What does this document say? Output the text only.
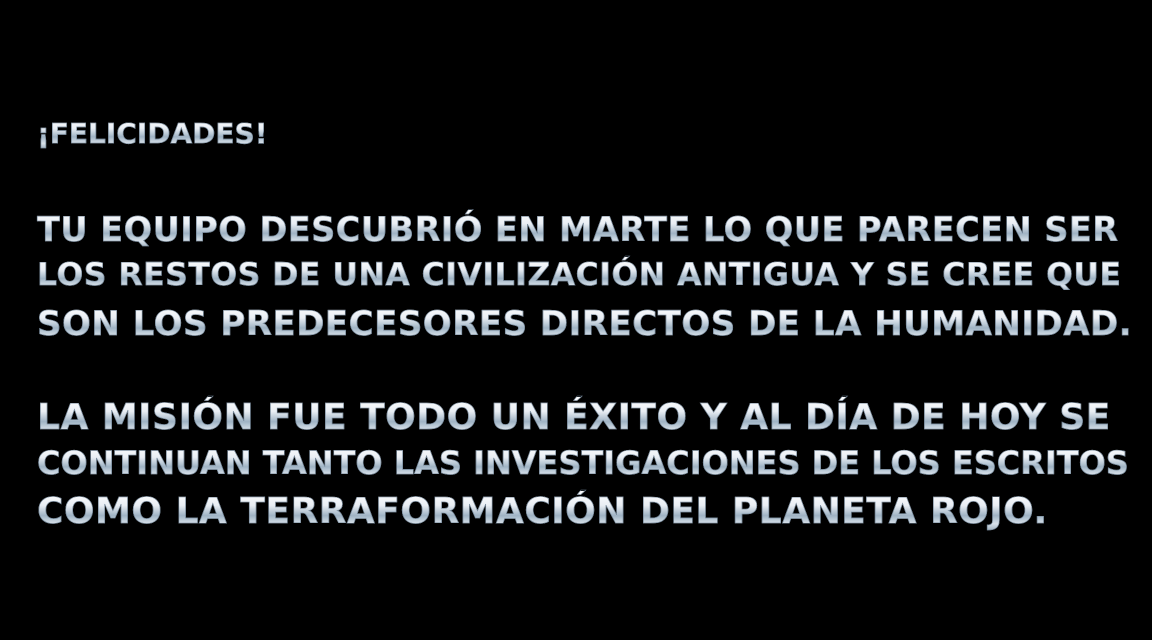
¡FELICIDADES!
TU EQUIPO DESCUBRIÓ EN MARTE LO QUE PARECEN SER
LOS RESTOS DE UNA CIVILIZACIÓN ANTIGUA Y SE CREE QUE
SON LOS PREDECESORES DIRECTOS DE LA HUMANIDAD.
LA MISIÓN FUE TODO UN ÉXITO Y AL DÍA DE HOY SE
CONTINUAN TANTO LAS INVESTIGACIONES DE LOS ESCRITOS
COMO LA TERRAFORMACIÓN DEL PLANETA ROJO.
